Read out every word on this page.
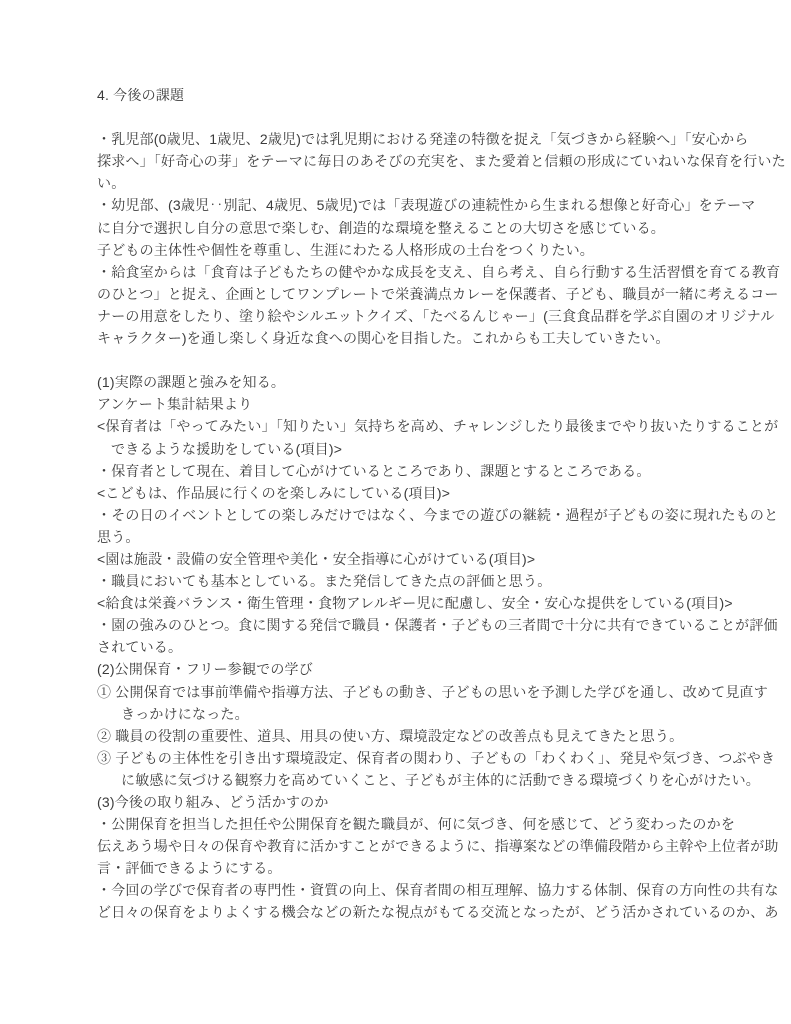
4. 今後の課題

・乳児部(0歳児、1歳児、2歳児)では乳児期における発達の特徴を捉え「気づきから経験へ」「安心から
探求へ」「好奇心の芽」をテーマに毎日のあそびの充実を、また愛着と信頼の形成にていねいな保育を行いた
い。
・幼児部、(3歳児‥別記、4歳児、5歳児)では「表現遊びの連続性から生まれる想像と好奇心」をテーマ
に自分で選択し自分の意思で楽しむ、創造的な環境を整えることの大切さを感じている。
子どもの主体性や個性を尊重し、生涯にわたる人格形成の土台をつくりたい。
・給食室からは「食育は子どもたちの健やかな成長を支え、自ら考え、自ら行動する生活習慣を育てる教育
のひとつ」と捉え、企画としてワンプレートで栄養満点カレーを保護者、子ども、職員が一緒に考えるコー
ナーの用意をしたり、塗り絵やシルエットクイズ、「たべるんじゃー」(三食食品群を学ぶ自園のオリジナル
キャラクター)を通し楽しく身近な食への関心を目指した。これからも工夫していきたい。

(1)実際の課題と強みを知る。
アンケート集計結果より
<保育者は「やってみたい」「知りたい」気持ちを高め、チャレンジしたり最後までやり抜いたりすることが
できるような援助をしている(項目)>
・保育者として現在、着目して心がけているところであり、課題とするところである。
<こどもは、作品展に行くのを楽しみにしている(項目)>
・その日のイベントとしての楽しみだけではなく、今までの遊びの継続・過程が子どもの姿に現れたものと
思う。
<園は施設・設備の安全管理や美化・安全指導に心がけている(項目)>
・職員においても基本としている。また発信してきた点の評価と思う。
<給食は栄養バランス・衛生管理・食物アレルギー児に配慮し、安全・安心な提供をしている(項目)>
・園の強みのひとつ。食に関する発信で職員・保護者・子どもの三者間で十分に共有できていることが評価
されている。
(2)公開保育・フリー参観での学び
① 公開保育では事前準備や指導方法、子どもの動き、子どもの思いを予測した学びを通し、改めて見直す
きっかけになった。
② 職員の役割の重要性、道具、用具の使い方、環境設定などの改善点も見えてきたと思う。
③ 子どもの主体性を引き出す環境設定、保育者の関わり、子どもの「わくわく」、発見や気づき、つぶやき
に敏感に気づける観察力を高めていくこと、子どもが主体的に活動できる環境づくりを心がけたい。
(3)今後の取り組み、どう活かすのか
・公開保育を担当した担任や公開保育を観た職員が、何に気づき、何を感じて、どう変わったのかを
伝えあう場や日々の保育や教育に活かすことができるように、指導案などの準備段階から主幹や上位者が助
言・評価できるようにする。
・今回の学びで保育者の専門性・資質の向上、保育者間の相互理解、協力する体制、保育の方向性の共有な
ど日々の保育をよりよくする機会などの新たな視点がもてる交流となったが、どう活かされているのか、あ
